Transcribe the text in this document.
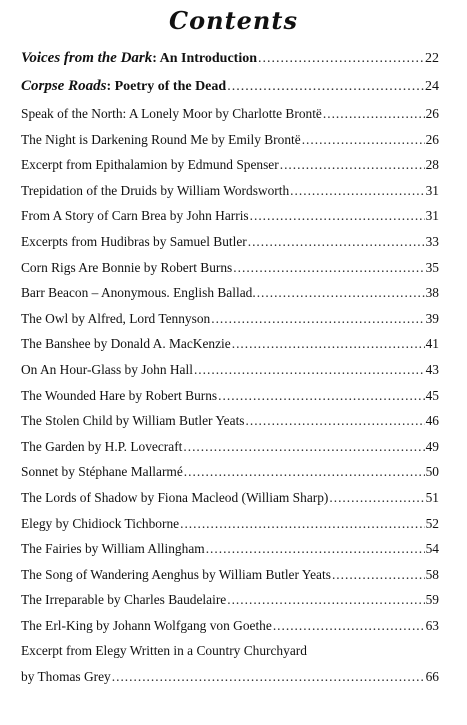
Contents
Voices from the Dark : An Introduction .....	22
Corpse Roads : Poetry of the Dead .....	24
Speak of the North: A Lonely Moor by Charlotte Brontë .....	26
The Night is Darkening Round Me by Emily Brontë .....	26
Excerpt from Epithalamion by Edmund Spenser .....	28
Trepidation of the Druids by William Wordsworth .....	31
From A Story of Carn Brea by John Harris .....	31
Excerpts from Hudibras by Samuel Butler .....	33
Corn Rigs Are Bonnie by Robert Burns .....	35
Barr Beacon – Anonymous. English Ballad. .....	38
The Owl by Alfred, Lord Tennyson .....	39
The Banshee by Donald A. MacKenzie .....	41
On An Hour-Glass by John Hall .....	43
The Wounded Hare by Robert Burns .....	45
The Stolen Child by William Butler Yeats .....	46
The Garden by H.P. Lovecraft .....	49
Sonnet by Stéphane Mallarmé .....	50
The Lords of Shadow by Fiona Macleod (William Sharp) .....	51
Elegy by Chidiock Tichborne .....	52
The Fairies by William Allingham .....	54
The Song of Wandering Aenghus by William Butler Yeats .....	58
The Irreparable by Charles Baudelaire .....	59
The Erl-King by Johann Wolfgang von Goethe .....	63
Excerpt from Elegy Written in a Country Churchyard
by Thomas Grey .....	66
